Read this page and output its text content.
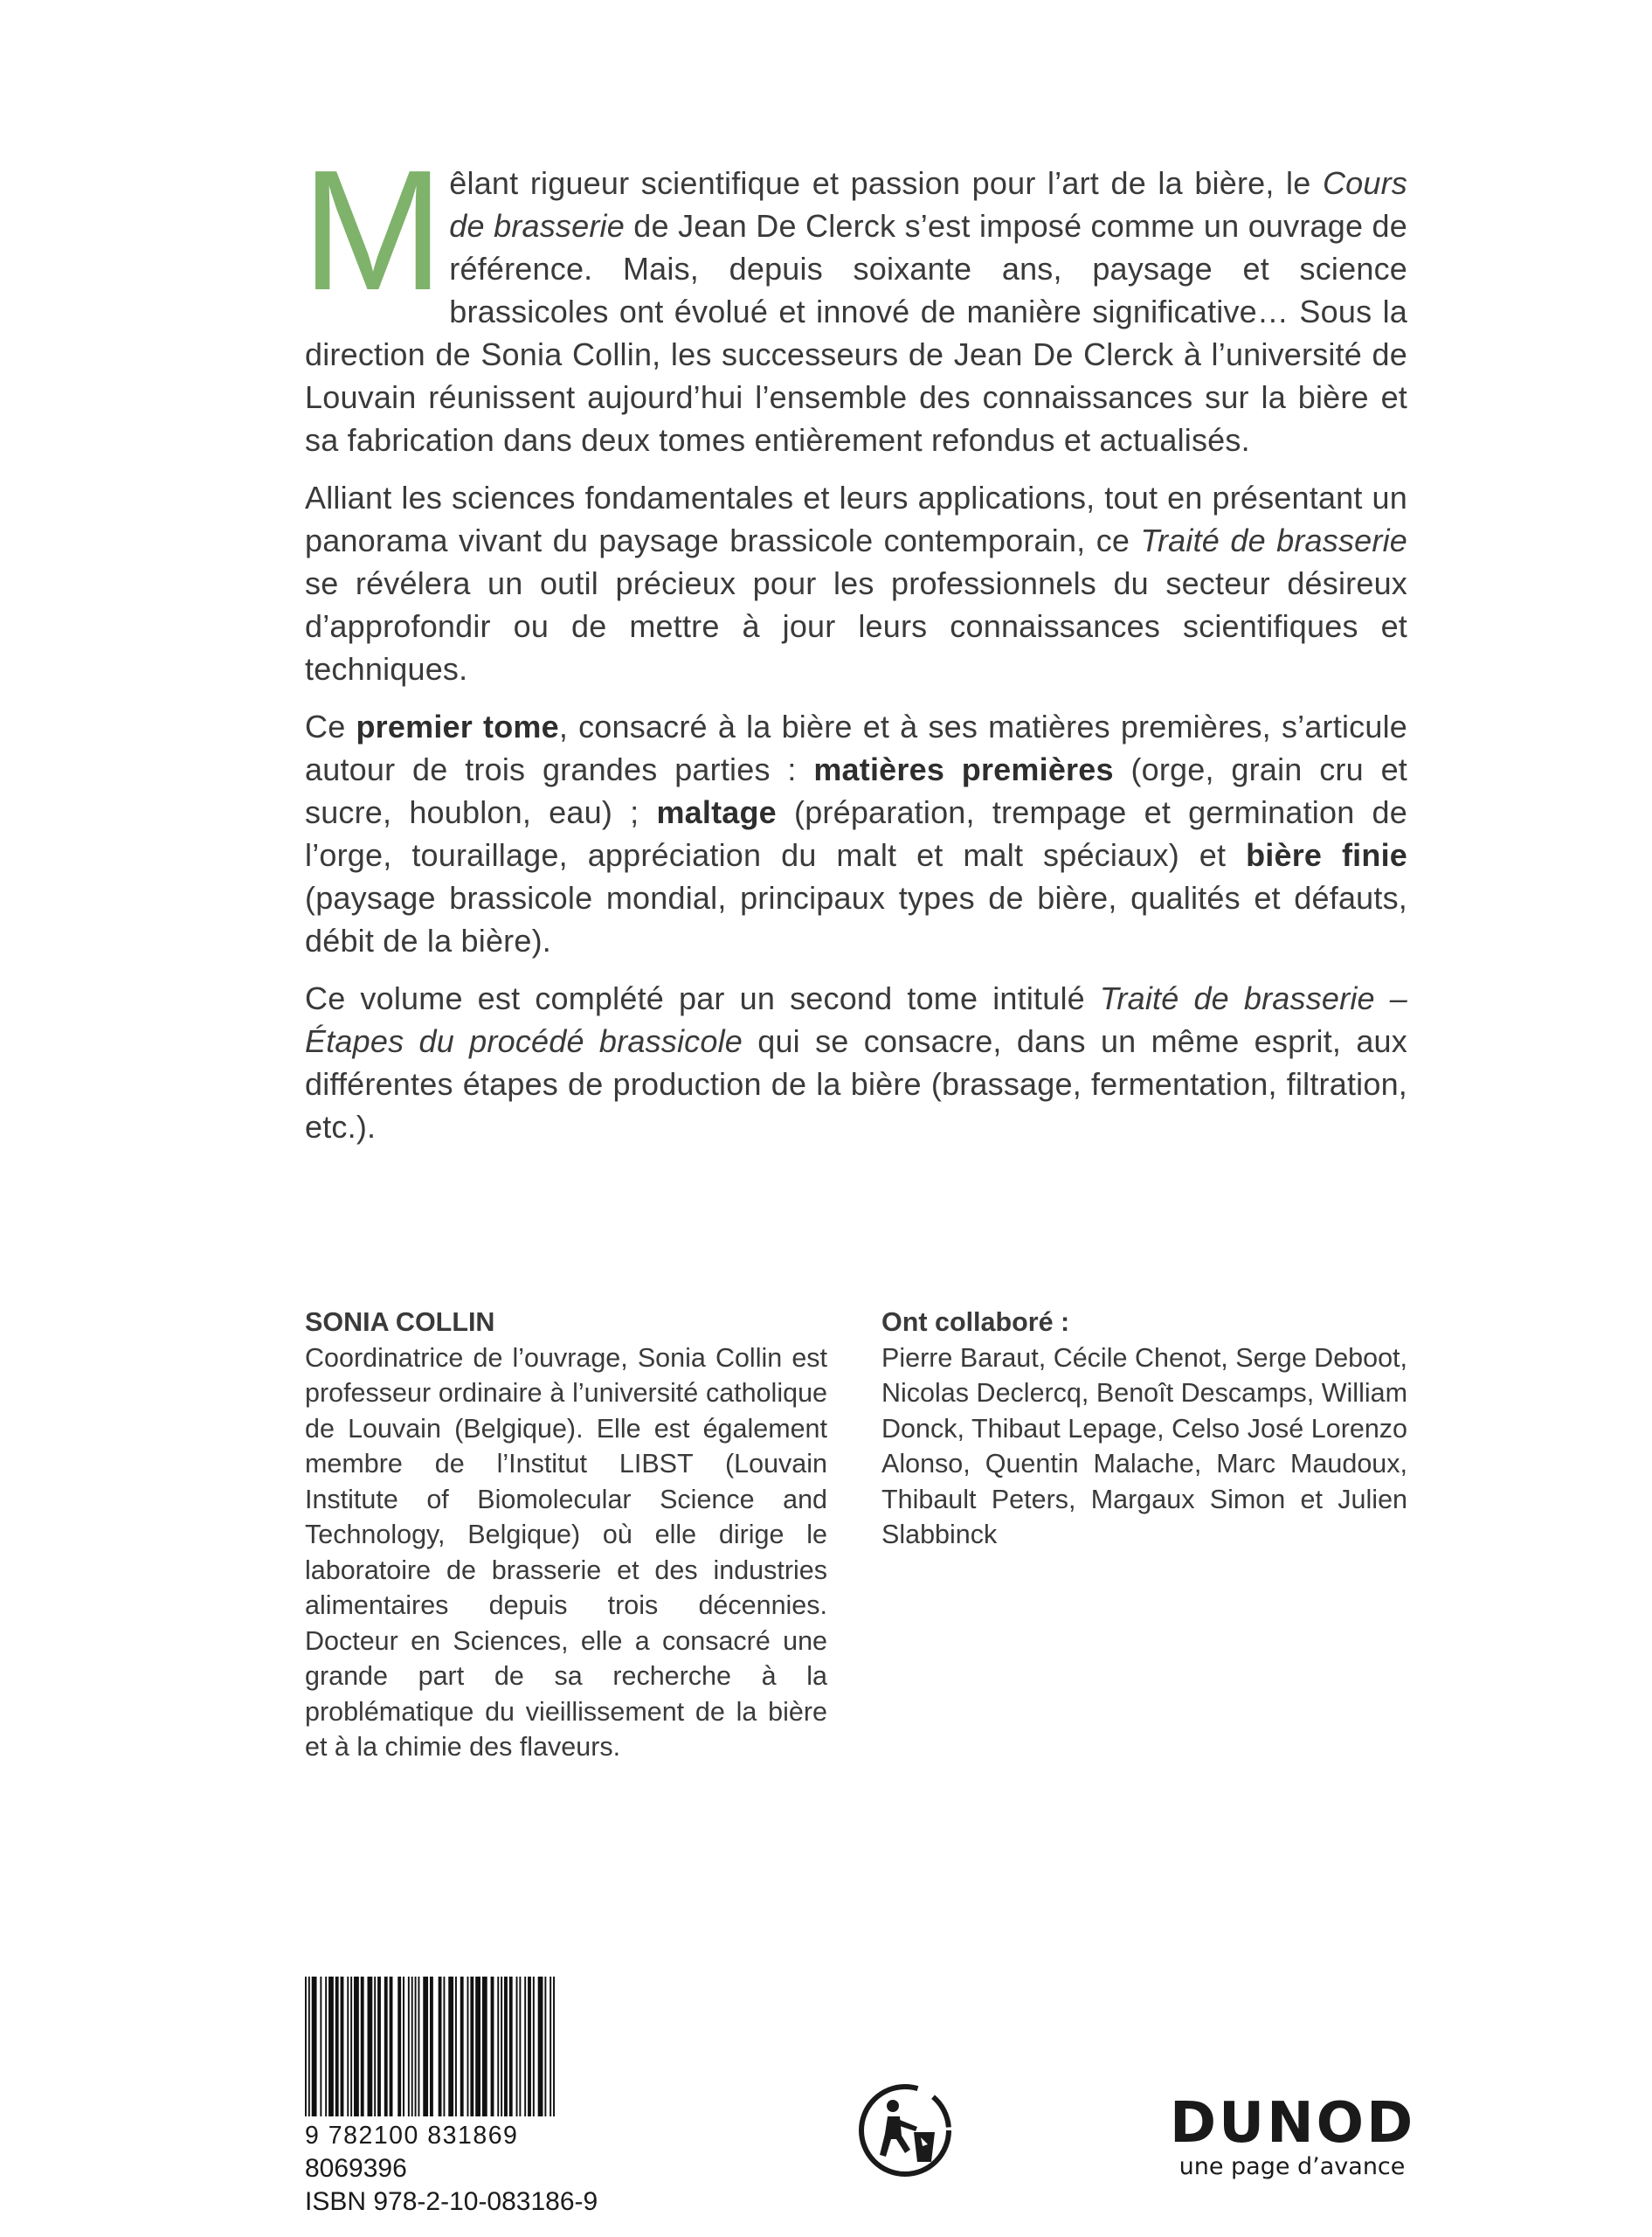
Mêlant rigueur scientifique et passion pour l’art de la bière, le Cours de brasserie de Jean De Clerck s’est imposé comme un ouvrage de référence. Mais, depuis soixante ans, paysage et science brassicoles ont évolué et innové de manière significative… Sous la direction de Sonia Collin, les successeurs de Jean De Clerck à l’université de Louvain réunissent aujourd’hui l’ensemble des connaissances sur la bière et sa fabrication dans deux tomes entièrement refondus et actualisés.

Alliant les sciences fondamentales et leurs applications, tout en présentant un panorama vivant du paysage brassicole contemporain, ce Traité de brasserie se révélera un outil précieux pour les professionnels du secteur désireux d’approfondir ou de mettre à jour leurs connaissances scientifiques et techniques.

Ce premier tome, consacré à la bière et à ses matières premières, s’articule autour de trois grandes parties : matières premières (orge, grain cru et sucre, houblon, eau) ; maltage (préparation, trempage et germination de l’orge, touraillage, appréciation du malt et malt spéciaux) et bière finie (paysage brassicole mondial, principaux types de bière, qualités et défauts, débit de la bière).

Ce volume est complété par un second tome intitulé Traité de brasserie – Étapes du procédé brassicole qui se consacre, dans un même esprit, aux différentes étapes de production de la bière (brassage, fermentation, filtration, etc.).

SONIA COLLIN
Coordinatrice de l’ouvrage, Sonia Collin est professeur ordinaire à l’université catholique de Louvain (Belgique). Elle est également membre de l’Institut LIBST (Louvain Institute of Biomolecular Science and Technology, Belgique) où elle dirige le laboratoire de brasserie et des industries alimentaires depuis trois décennies. Docteur en Sciences, elle a consacré une grande part de sa recherche à la problématique du vieillissement de la bière et à la chimie des flaveurs.
Ont collaboré :
Pierre Baraut, Cécile Chenot, Serge Deboot, Nicolas Declercq, Benoît Descamps, William Donck, Thibaut Lepage, Celso José Lorenzo Alonso, Quentin Malache, Marc Maudoux, Thibault Peters, Margaux Simon et Julien Slabbinck
9 782100 831869
8069396
ISBN 978-2-10-083186-9
DUNOD
une page d’avance
